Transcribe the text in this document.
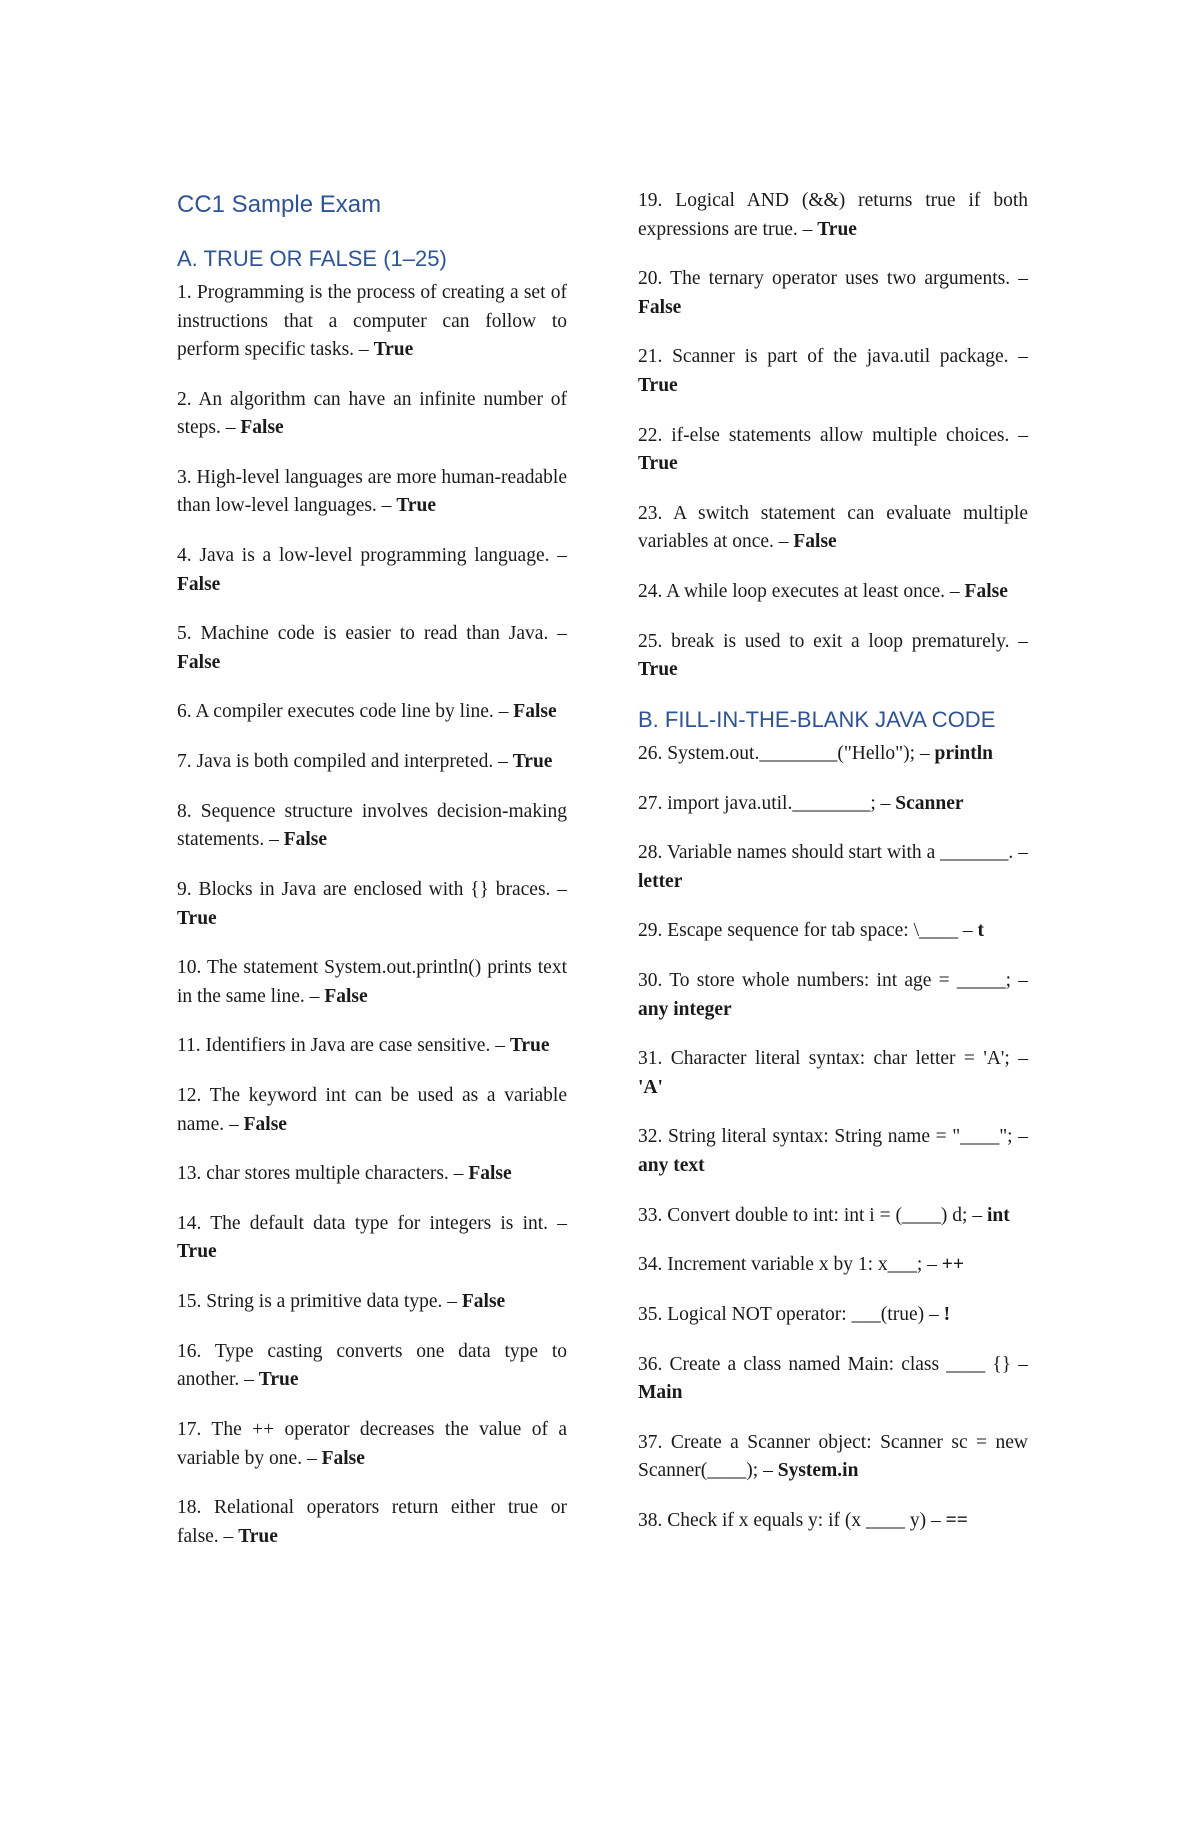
CC1 Sample Exam
A. TRUE OR FALSE (1–25)

1. Programming is the process of creating a set of instructions that a computer can follow to perform specific tasks. – True

2. An algorithm can have an infinite number of steps. – False

3. High-level languages are more human-readable than low-level languages. – True

4. Java is a low-level programming language. – False

5. Machine code is easier to read than Java. – False

6. A compiler executes code line by line. – False

7. Java is both compiled and interpreted. – True

8. Sequence structure involves decision-making statements. – False

9. Blocks in Java are enclosed with {} braces. – True

10. The statement System.out.println() prints text in the same line. – False

11. Identifiers in Java are case sensitive. – True

12. The keyword int can be used as a variable name. – False

13. char stores multiple characters. – False

14. The default data type for integers is int. – True

15. String is a primitive data type. – False

16. Type casting converts one data type to another. – True

17. The ++ operator decreases the value of a variable by one. – False

18. Relational operators return either true or false. – True

19. Logical AND (&&) returns true if both expressions are true. – True

20. The ternary operator uses two arguments. – False

21. Scanner is part of the java.util package. – True

22. if-else statements allow multiple choices. – True

23. A switch statement can evaluate multiple variables at once. – False

24. A while loop executes at least once. – False

25. break is used to exit a loop prematurely. – True

B. FILL-IN-THE-BLANK JAVA CODE

26. System.out.________("Hello"); – println

27. import java.util.________; – Scanner

28. Variable names should start with a _______. – letter

29. Escape sequence for tab space: \____ – t

30. To store whole numbers: int age = _____; – any integer

31. Character literal syntax: char letter = 'A'; – 'A'

32. String literal syntax: String name = "____"; – any text

33. Convert double to int: int i = (____) d; – int

34. Increment variable x by 1: x___; – ++

35. Logical NOT operator: ___(true) – !

36. Create a class named Main: class ____ {} – Main

37. Create a Scanner object: Scanner sc = new Scanner(____); – System.in

38. Check if x equals y: if (x ____ y) – ==
